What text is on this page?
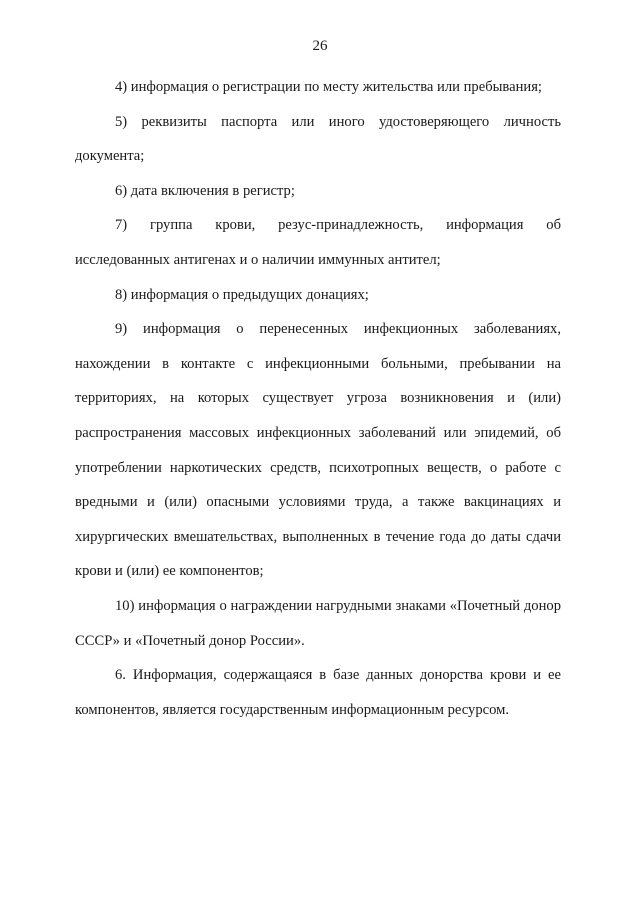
26

4) информация о регистрации по месту жительства или пребывания;

5) реквизиты паспорта или иного удостоверяющего личность документа;

6) дата включения в регистр;

7) группа крови, резус-принадлежность, информация об исследованных антигенах и о наличии иммунных антител;

8) информация о предыдущих донациях;

9) информация о перенесенных инфекционных заболеваниях, нахождении в контакте с инфекционными больными, пребывании на территориях, на которых существует угроза возникновения и (или) распространения массовых инфекционных заболеваний или эпидемий, об употреблении наркотических средств, психотропных веществ, о работе с вредными и (или) опасными условиями труда, а также вакцинациях и хирургических вмешательствах, выполненных в течение года до даты сдачи крови и (или) ее компонентов;

10) информация о награждении нагрудными знаками «Почетный донор СССР» и «Почетный донор России».

6. Информация, содержащаяся в базе данных донорства крови и ее компонентов, является государственным информационным ресурсом.
